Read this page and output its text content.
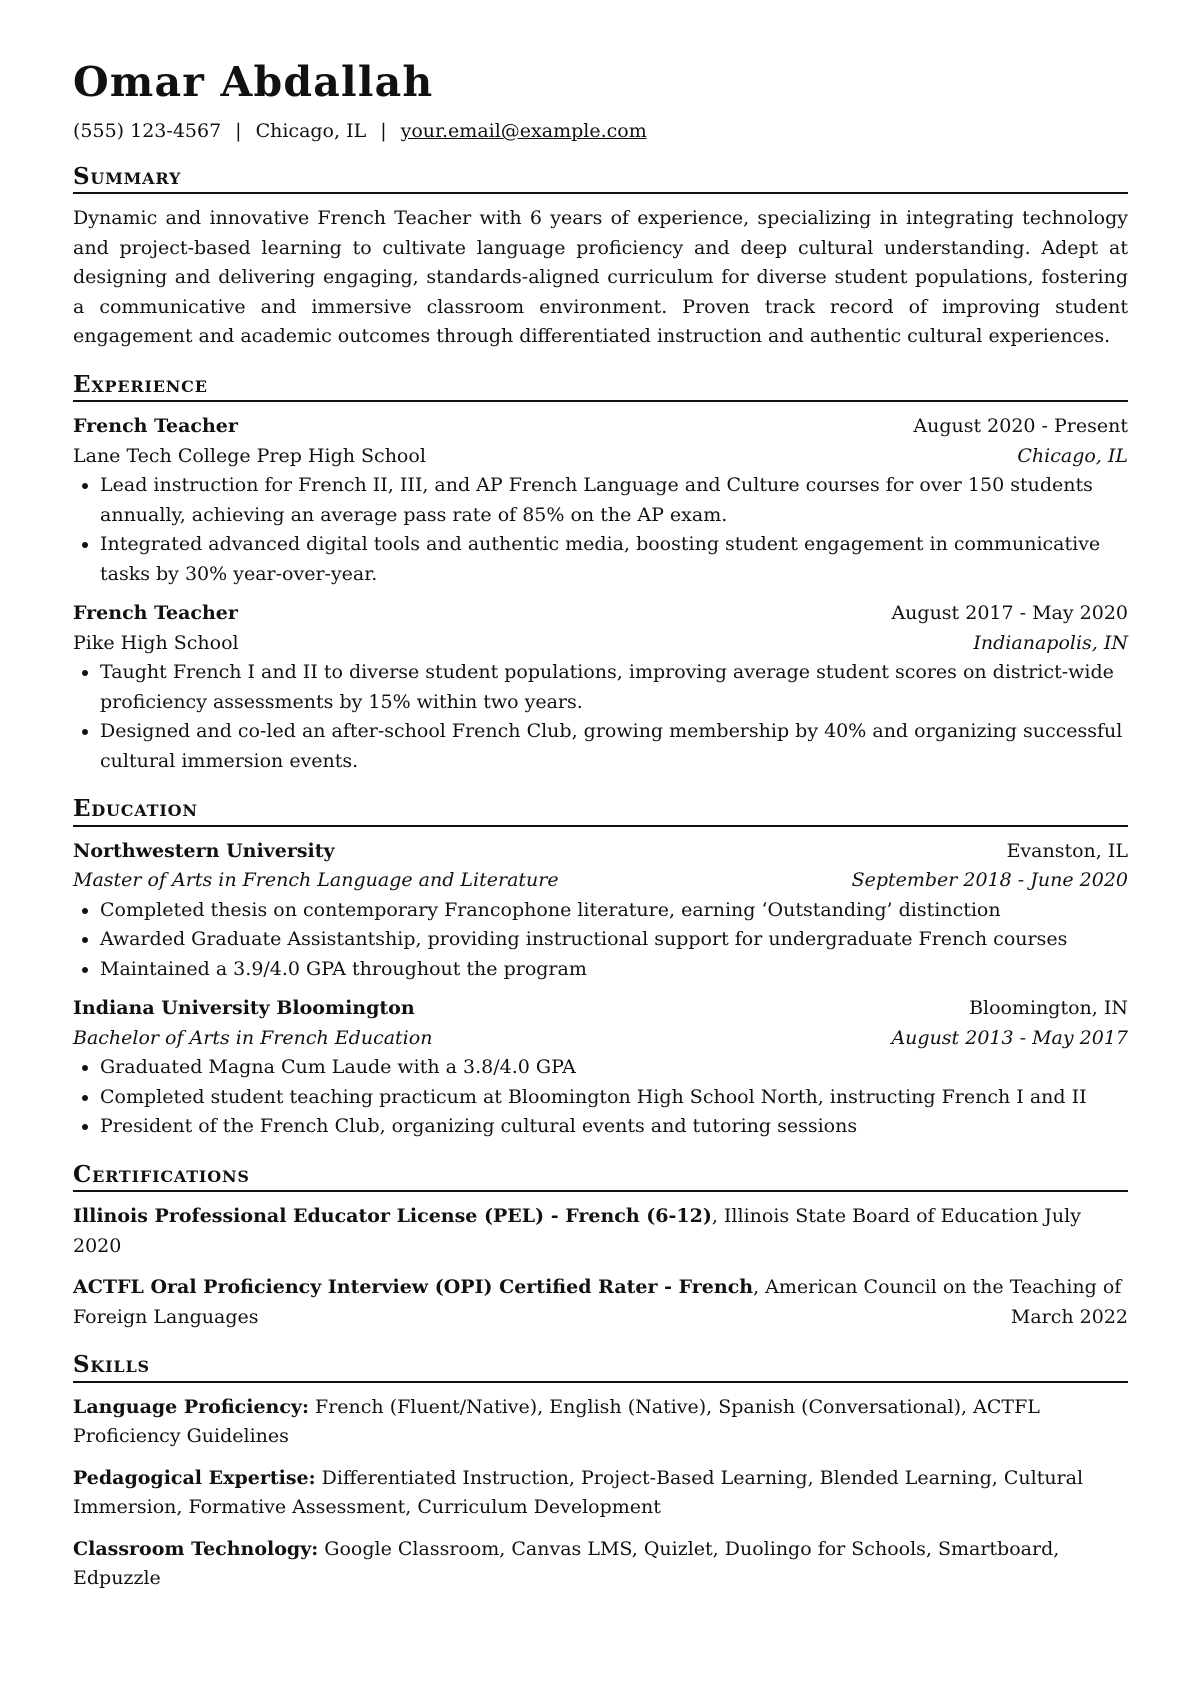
Omar Abdallah
(555) 123-4567 | Chicago, IL | your.email@example.com
Summary

Dynamic and innovative French Teacher with 6 years of experience, specializing in integrating technology and project-based learning to cultivate language proficiency and deep cultural understanding. Adept at designing and delivering engaging, standards-aligned curriculum for diverse student populations, fostering a communicative and immersive classroom environment. Proven track record of improving student engagement and academic outcomes through differentiated instruction and authentic cultural experiences.

Experience
French Teacher	August 2020 - Present
Lane Tech College Prep High School	Chicago, IL
• Lead instruction for French II, III, and AP French Language and Culture courses for over 150 students annually, achieving an average pass rate of 85% on the AP exam.
• Integrated advanced digital tools and authentic media, boosting student engagement in communicative tasks by 30% year-over-year.
French Teacher	August 2017 - May 2020
Pike High School	Indianapolis, IN
• Taught French I and II to diverse student populations, improving average student scores on district-wide proficiency assessments by 15% within two years.
• Designed and co-led an after-school French Club, growing membership by 40% and organizing successful cultural immersion events.
Education
Northwestern University	Evanston, IL
Master of Arts in French Language and Literature	September 2018 - June 2020
• Completed thesis on contemporary Francophone literature, earning ‘Outstanding’ distinction
• Awarded Graduate Assistantship, providing instructional support for undergraduate French courses
• Maintained a 3.9/4.0 GPA throughout the program
Indiana University Bloomington	Bloomington, IN
Bachelor of Arts in French Education	August 2013 - May 2017
• Graduated Magna Cum Laude with a 3.8/4.0 GPA
• Completed student teaching practicum at Bloomington High School North, instructing French I and II
• President of the French Club, organizing cultural events and tutoring sessions
Certifications
Illinois Professional Educator License (PEL) - French (6-12), Illinois State Board of Education July 2020
ACTFL Oral Proficiency Interview (OPI) Certified Rater - French, American Council on the Teaching of Foreign Languages	March 2022
Skills
Language Proficiency: French (Fluent/Native), English (Native), Spanish (Conversational), ACTFL Proficiency Guidelines
Pedagogical Expertise: Differentiated Instruction, Project-Based Learning, Blended Learning, Cultural Immersion, Formative Assessment, Curriculum Development
Classroom Technology: Google Classroom, Canvas LMS, Quizlet, Duolingo for Schools, Smartboard, Edpuzzle
